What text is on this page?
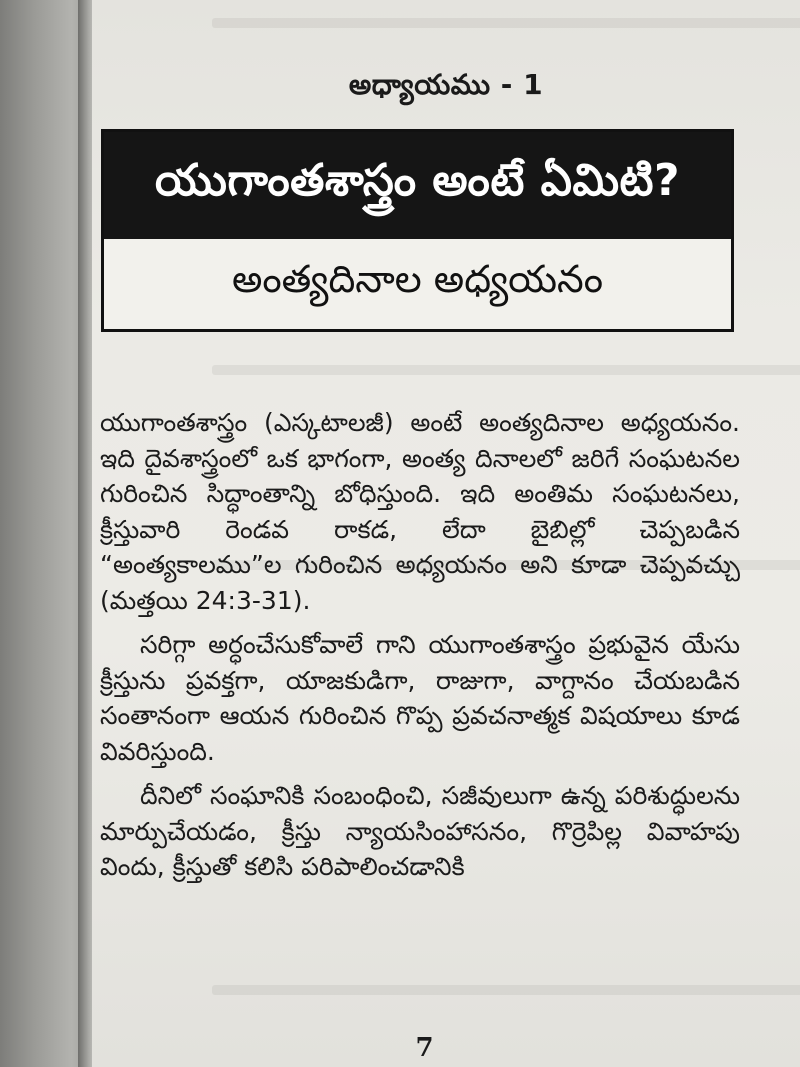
అధ్యాయము - 1
యుగాంతశాస్త్రం అంటే ఏమిటి?
అంత్యదినాల అధ్యయనం

యుగాంతశాస్త్రం (ఎస్కటాలజీ) అంటే అంత్యదినాల అధ్యయనం. ఇది దైవశాస్త్రంలో ఒక భాగంగా, అంత్య దినాలలో జరిగే సంఘటనల గురించిన సిద్ధాంతాన్ని బోధిస్తుంది. ఇది అంతిమ సంఘటనలు, క్రీస్తువారి రెండవ రాకడ, లేదా బైబిల్లో చెప్పబడిన “అంత్యకాలము”ల గురించిన అధ్యయనం అని కూడా చెప్పవచ్చు (మత్తయి 24:3-31).

సరిగ్గా అర్ధంచేసుకోవాలే గాని యుగాంతశాస్త్రం ప్రభువైన యేసు క్రీస్తును ప్రవక్తగా, యాజకుడిగా, రాజుగా, వాగ్దానం చేయబడిన సంతానంగా ఆయన గురించిన గొప్ప ప్రవచనాత్మక విషయాలు కూడ వివరిస్తుంది.

దీనిలో సంఘానికి సంబంధించి, సజీవులుగా ఉన్న పరిశుద్ధులను మార్పుచేయడం, క్రీస్తు న్యాయసింహాసనం, గొర్రెపిల్ల వివాహపు విందు, క్రీస్తుతో కలిసి పరిపాలించడానికి

7
